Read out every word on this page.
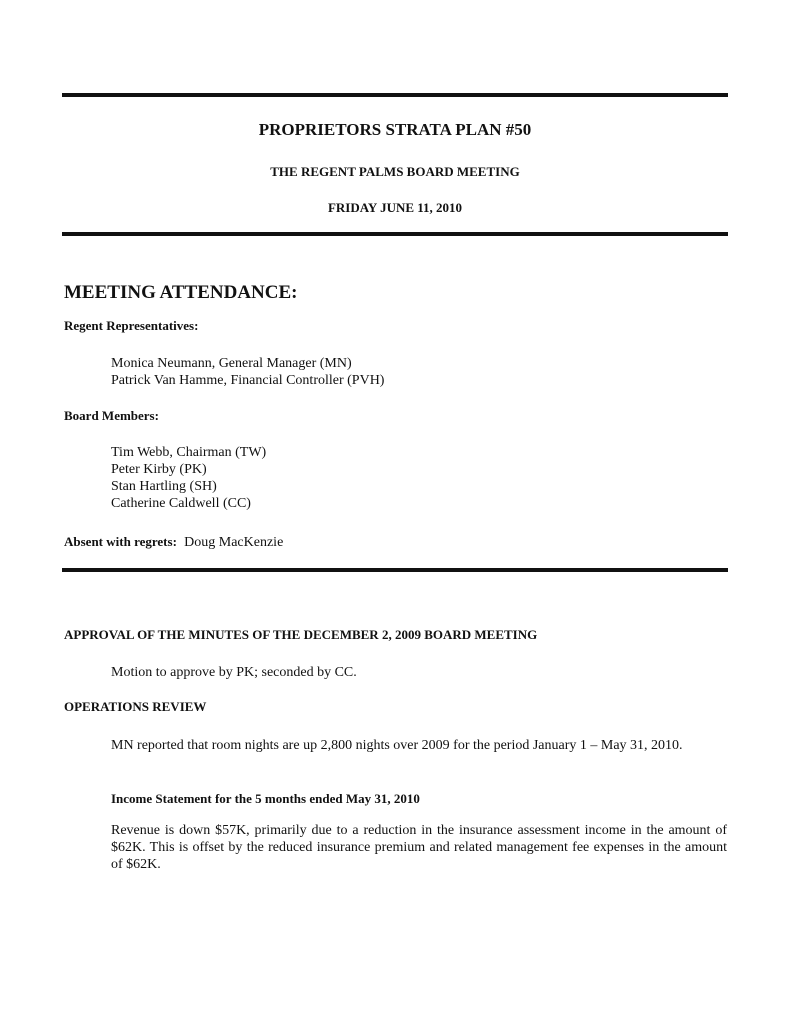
PROPRIETORS STRATA PLAN #50
THE REGENT PALMS BOARD MEETING
FRIDAY JUNE 11, 2010
MEETING ATTENDANCE:
Regent Representatives:
Monica Neumann, General Manager (MN)
Patrick Van Hamme, Financial Controller (PVH)
Board Members:
Tim Webb, Chairman (TW)
Peter Kirby (PK)
Stan Hartling (SH)
Catherine Caldwell (CC)
Absent with regrets: Doug MacKenzie
APPROVAL OF THE MINUTES OF THE DECEMBER 2, 2009 BOARD MEETING
Motion to approve by PK; seconded by CC.
OPERATIONS REVIEW
MN reported that room nights are up 2,800 nights over 2009 for the period January 1 – May 31, 2010.
Income Statement for the 5 months ended May 31, 2010
Revenue is down $57K, primarily due to a reduction in the insurance assessment income in the amount of $62K. This is offset by the reduced insurance premium and related management fee expenses in the amount of $62K.
